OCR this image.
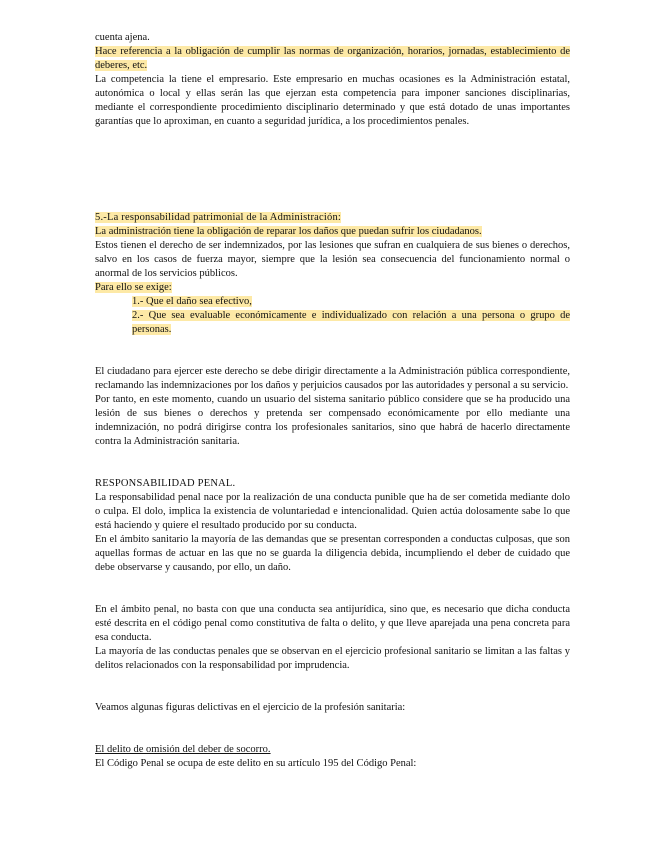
cuenta ajena.

Hace referencia a la obligación de cumplir las normas de organización, horarios, jornadas, establecimiento de deberes, etc.

La competencia la tiene el empresario. Este empresario en muchas ocasiones es la Administración estatal, autonómica o local y ellas serán las que ejerzan esta competencia para imponer sanciones disciplinarias, mediante el correspondiente procedimiento disciplinario determinado y que está dotado de unas importantes garantías que lo aproximan, en cuanto a seguridad jurídica, a los procedimientos penales.

5.-La responsabilidad patrimonial de la Administración:

La administración tiene la obligación de reparar los daños que puedan sufrir los ciudadanos.

Estos tienen el derecho de ser indemnizados, por las lesiones que sufran en cualquiera de sus bienes o derechos, salvo en los casos de fuerza mayor, siempre que la lesión sea consecuencia del funcionamiento normal o anormal de los servicios públicos.

Para ello se exige:

1.- Que el daño sea efectivo,

2.- Que sea evaluable económicamente e individualizado con relación a una persona o grupo de personas.

El ciudadano para ejercer este derecho se debe dirigir directamente a la Administración pública correspondiente, reclamando las indemnizaciones por los daños y perjuicios causados por las autoridades y personal a su servicio.

Por tanto, en este momento, cuando un usuario del sistema sanitario público considere que se ha producido una lesión de sus bienes o derechos y pretenda ser compensado económicamente por ello mediante una indemnización, no podrá dirigirse contra los profesionales sanitarios, sino que habrá de hacerlo directamente contra la Administración sanitaria.

RESPONSABILIDAD PENAL.

La responsabilidad penal nace por la realización de una conducta punible que ha de ser cometida mediante dolo o culpa. El dolo, implica la existencia de voluntariedad e intencionalidad. Quien actúa dolosamente sabe lo que está haciendo y quiere el resultado producido por su conducta.

En el ámbito sanitario la mayoría de las demandas que se presentan corresponden a conductas culposas, que son aquellas formas de actuar en las que no se guarda la diligencia debida, incumpliendo el deber de cuidado que debe observarse y causando, por ello, un daño.

En el ámbito penal, no basta con que una conducta sea antijurídica, sino que, es necesario que dicha conducta esté descrita en el código penal como constitutiva de falta o delito, y que lleve aparejada una pena concreta para esa conducta.

La mayoría de las conductas penales que se observan en el ejercicio profesional sanitario se limitan a las faltas y delitos relacionados con la responsabilidad por imprudencia.

Veamos algunas figuras delictivas en el ejercicio de la profesión sanitaria:

El delito de omisión del deber de socorro.

El Código Penal se ocupa de este delito en su artículo 195 del Código Penal:
